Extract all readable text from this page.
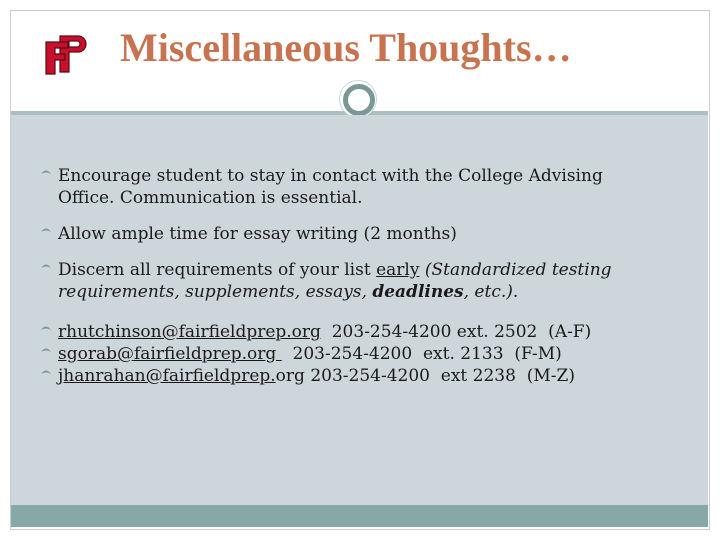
Miscellaneous Thoughts…
Encourage student to stay in contact with the College Advising
Office. Communication is essential.
Allow ample time for essay writing (2 months)
Discern all requirements of your list early (Standardized testing
requirements, supplements, essays, deadlines, etc.).
rhutchinson@fairfieldprep.org  203-254-4200 ext. 2502  (A-F)
sgorab@fairfieldprep.org   203-254-4200  ext. 2133  (F-M)
jhanrahan@fairfieldprep.org 203-254-4200  ext 2238  (M-Z)
